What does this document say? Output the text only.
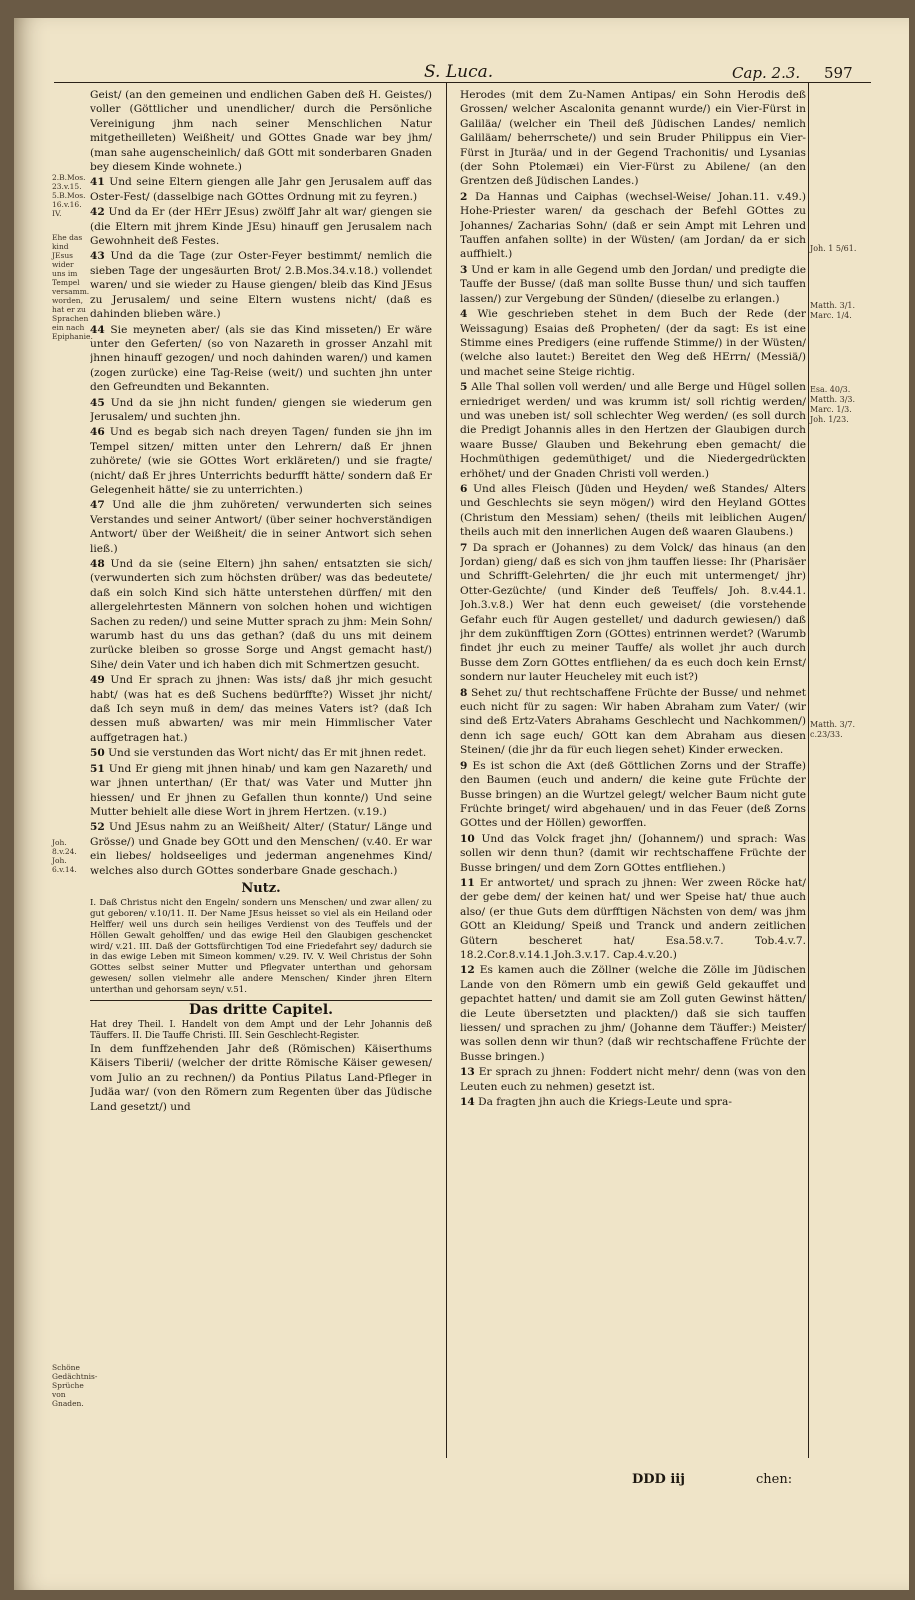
S. Luca.	Cap. 2.3. 597
2.B.Mos. 23.v.15. 5.B.Mos. 16.v.16. IV.
Ehe das kind JEsus wider uns im Tempel versamm. worden, hat er zu Sprachen ein nach Epiphanie.
Joh. 8.v.24. Joh. 6.v.14.
Schöne Gedächtnis-Sprüche von Gnaden.
Joh. 1 5/61.
Matth. 3/1. Marc. 1/4.
Esa. 40/3. Matth. 3/3. Marc. 1/3. Joh. 1/23.
Matth. 3/7. c.23/33.

Geist/ (an den gemeinen und endlichen Gaben deß H. Geistes/) voller (Göttlicher und unendlicher/ durch die Persönliche Vereinigung jhm nach seiner Menschlichen Natur mitgetheilleten) Weißheit/ und GOttes Gnade war bey jhm/ (man sahe augenscheinlich/ daß GOtt mit sonderbaren Gnaden bey diesem Kinde wohnete.)

41 Und seine Eltern giengen alle Jahr gen Jerusalem auff das Oster-Fest/ (dasselbige nach GOttes Ordnung mit zu feyren.)

42 Und da Er (der HErr JEsus) zwölff Jahr alt war/ giengen sie (die Eltern mit jhrem Kinde JEsu) hinauff gen Jerusalem nach Gewohnheit deß Festes.

43 Und da die Tage (zur Oster-Feyer bestimmt/ nemlich die sieben Tage der ungesäurten Brot/ 2.B.Mos.34.v.18.) vollendet waren/ und sie wieder zu Hause giengen/ bleib das Kind JEsus zu Jerusalem/ und seine Eltern wustens nicht/ (daß es dahinden blieben wäre.)

44 Sie meyneten aber/ (als sie das Kind misseten/) Er wäre unter den Geferten/ (so von Nazareth in grosser Anzahl mit jhnen hinauff gezogen/ und noch dahinden waren/) und kamen (zogen zurücke) eine Tag-Reise (weit/) und suchten jhn unter den Gefreundten und Bekannten.

45 Und da sie jhn nicht funden/ giengen sie wiederum gen Jerusalem/ und suchten jhn.

46 Und es begab sich nach dreyen Tagen/ funden sie jhn im Tempel sitzen/ mitten unter den Lehrern/ daß Er jhnen zuhörete/ (wie sie GOttes Wort erkläreten/) und sie fragte/ (nicht/ daß Er jhres Unterrichts bedurfft hätte/ sondern daß Er Gelegenheit hätte/ sie zu unterrichten.)

47 Und alle die jhm zuhöreten/ verwunderten sich seines Verstandes und seiner Antwort/ (über seiner hochverständigen Antwort/ über der Weißheit/ die in seiner Antwort sich sehen ließ.)

48 Und da sie (seine Eltern) jhn sahen/ entsatzten sie sich/ (verwunderten sich zum höchsten drüber/ was das bedeutete/ daß ein solch Kind sich hätte unterstehen dürffen/ mit den allergelehrtesten Männern von solchen hohen und wichtigen Sachen zu reden/) und seine Mutter sprach zu jhm: Mein Sohn/ warumb hast du uns das gethan? (daß du uns mit deinem zurücke bleiben so grosse Sorge und Angst gemacht hast/) Sihe/ dein Vater und ich haben dich mit Schmertzen gesucht.

49 Und Er sprach zu jhnen: Was ists/ daß jhr mich gesucht habt/ (was hat es deß Suchens bedürffte?) Wisset jhr nicht/ daß Ich seyn muß in dem/ das meines Vaters ist? (daß Ich dessen muß abwarten/ was mir mein Himmlischer Vater auffgetragen hat.)

50 Und sie verstunden das Wort nicht/ das Er mit jhnen redet.

51 Und Er gieng mit jhnen hinab/ und kam gen Nazareth/ und war jhnen unterthan/ (Er that/ was Vater und Mutter jhn hiessen/ und Er jhnen zu Gefallen thun konnte/) Und seine Mutter behielt alle diese Wort in jhrem Hertzen. (v.19.)

52 Und JEsus nahm zu an Weißheit/ Alter/ (Statur/ Länge und Grösse/) und Gnade bey GOtt und den Menschen/ (v.40. Er war ein liebes/ holdseeliges und jederman angenehmes Kind/ welches also durch GOttes sonderbare Gnade geschach.)

Nutz.
I. Daß Christus nicht den Engeln/ sondern uns Menschen/ und zwar allen/ zu gut geboren/ v.10/11. II. Der Name JEsus heisset so viel als ein Heiland oder Helffer/ weil uns durch sein heiliges Verdienst von des Teuffels und der Höllen Gewalt geholffen/ und das ewige Heil den Glaubigen geschencket wird/ v.21. III. Daß der Gottsfürchtigen Tod eine Friedefahrt sey/ dadurch sie in das ewige Leben mit Simeon kommen/ v.29. IV. V. Weil Christus der Sohn GOttes selbst seiner Mutter und Pflegvater unterthan und gehorsam gewesen/ sollen vielmehr alle andere Menschen/ Kinder jhren Eltern unterthan und gehorsam seyn/ v.51.
Das dritte Capitel.
Hat drey Theil. I. Handelt von dem Ampt und der Lehr Johannis deß Täuffers. II. Die Tauffe Christi. III. Sein Geschlecht-Register.

In dem funffzehenden Jahr deß (Römischen) Käiserthums Käisers Tiberii/ (welcher der dritte Römische Käiser gewesen/ vom Julio an zu rechnen/) da Pontius Pilatus Land-Pfleger in Judäa war/ (von den Römern zum Regenten über das Jüdische Land gesetzt/) und

Herodes (mit dem Zu-Namen Antipas/ ein Sohn Herodis deß Grossen/ welcher Ascalonita genannt wurde/) ein Vier-Fürst in Galiläa/ (welcher ein Theil deß Jüdischen Landes/ nemlich Galiläam/ beherrschete/) und sein Bruder Philippus ein Vier-Fürst in Jturäa/ und in der Gegend Trachonitis/ und Lysanias (der Sohn Ptolemæi) ein Vier-Fürst zu Abilene/ (an den Grentzen deß Jüdischen Landes.)

2 Da Hannas und Caiphas (wechsel-Weise/ Johan.11. v.49.) Hohe-Priester waren/ da geschach der Befehl GOttes zu Johannes/ Zacharias Sohn/ (daß er sein Ampt mit Lehren und Tauffen anfahen sollte) in der Wüsten/ (am Jordan/ da er sich auffhielt.)

3 Und er kam in alle Gegend umb den Jordan/ und predigte die Tauffe der Busse/ (daß man sollte Busse thun/ und sich tauffen lassen/) zur Vergebung der Sünden/ (dieselbe zu erlangen.)

4 Wie geschrieben stehet in dem Buch der Rede (der Weissagung) Esaias deß Propheten/ (der da sagt: Es ist eine Stimme eines Predigers (eine ruffende Stimme/) in der Wüsten/ (welche also lautet:) Bereitet den Weg deß HErrn/ (Messiä/) und machet seine Steige richtig.

5 Alle Thal sollen voll werden/ und alle Berge und Hügel sollen erniedriget werden/ und was krumm ist/ soll richtig werden/ und was uneben ist/ soll schlechter Weg werden/ (es soll durch die Predigt Johannis alles in den Hertzen der Glaubigen durch waare Busse/ Glauben und Bekehrung eben gemacht/ die Hochmüthigen gedemüthiget/ und die Niedergedrückten erhöhet/ und der Gnaden Christi voll werden.)

6 Und alles Fleisch (Jüden und Heyden/ weß Standes/ Alters und Geschlechts sie seyn mögen/) wird den Heyland GOttes (Christum den Messiam) sehen/ (theils mit leiblichen Augen/ theils auch mit den innerlichen Augen deß waaren Glaubens.)

7 Da sprach er (Johannes) zu dem Volck/ das hinaus (an den Jordan) gieng/ daß es sich von jhm tauffen liesse: Ihr (Pharisäer und Schrifft-Gelehrten/ die jhr euch mit untermenget/ jhr) Otter-Gezüchte/ (und Kinder deß Teuffels/ Joh. 8.v.44.1. Joh.3.v.8.) Wer hat denn euch geweiset/ (die vorstehende Gefahr euch für Augen gestellet/ und dadurch gewiesen/) daß jhr dem zukünfftigen Zorn (GOttes) entrinnen werdet? (Warumb findet jhr euch zu meiner Tauffe/ als wollet jhr auch durch Busse dem Zorn GOttes entfliehen/ da es euch doch kein Ernst/ sondern nur lauter Heucheley mit euch ist?)

8 Sehet zu/ thut rechtschaffene Früchte der Busse/ und nehmet euch nicht für zu sagen: Wir haben Abraham zum Vater/ (wir sind deß Ertz-Vaters Abrahams Geschlecht und Nachkommen/) denn ich sage euch/ GOtt kan dem Abraham aus diesen Steinen/ (die jhr da für euch liegen sehet) Kinder erwecken.

9 Es ist schon die Axt (deß Göttlichen Zorns und der Straffe) den Baumen (euch und andern/ die keine gute Früchte der Busse bringen) an die Wurtzel gelegt/ welcher Baum nicht gute Früchte bringet/ wird abgehauen/ und in das Feuer (deß Zorns GOttes und der Höllen) geworffen.

10 Und das Volck fraget jhn/ (Johannem/) und sprach: Was sollen wir denn thun? (damit wir rechtschaffene Früchte der Busse bringen/ und dem Zorn GOttes entfliehen.)

11 Er antwortet/ und sprach zu jhnen: Wer zween Röcke hat/ der gebe dem/ der keinen hat/ und wer Speise hat/ thue auch also/ (er thue Guts dem dürfftigen Nächsten von dem/ was jhm GOtt an Kleidung/ Speiß und Tranck und andern zeitlichen Gütern bescheret hat/ Esa.58.v.7. Tob.4.v.7. 18.2.Cor.8.v.14.1.Joh.3.v.17. Cap.4.v.20.)

12 Es kamen auch die Zöllner (welche die Zölle im Jüdischen Lande von den Römern umb ein gewiß Geld gekauffet und gepachtet hatten/ und damit sie am Zoll guten Gewinst hätten/ die Leute übersetzten und plackten/) daß sie sich tauffen liessen/ und sprachen zu jhm/ (Johanne dem Täuffer:) Meister/ was sollen denn wir thun? (daß wir rechtschaffene Früchte der Busse bringen.)

13 Er sprach zu jhnen: Foddert nicht mehr/ denn (was von den Leuten euch zu nehmen) gesetzt ist.

14 Da fragten jhn auch die Kriegs-Leute und spra-

DDD iij	chen:
